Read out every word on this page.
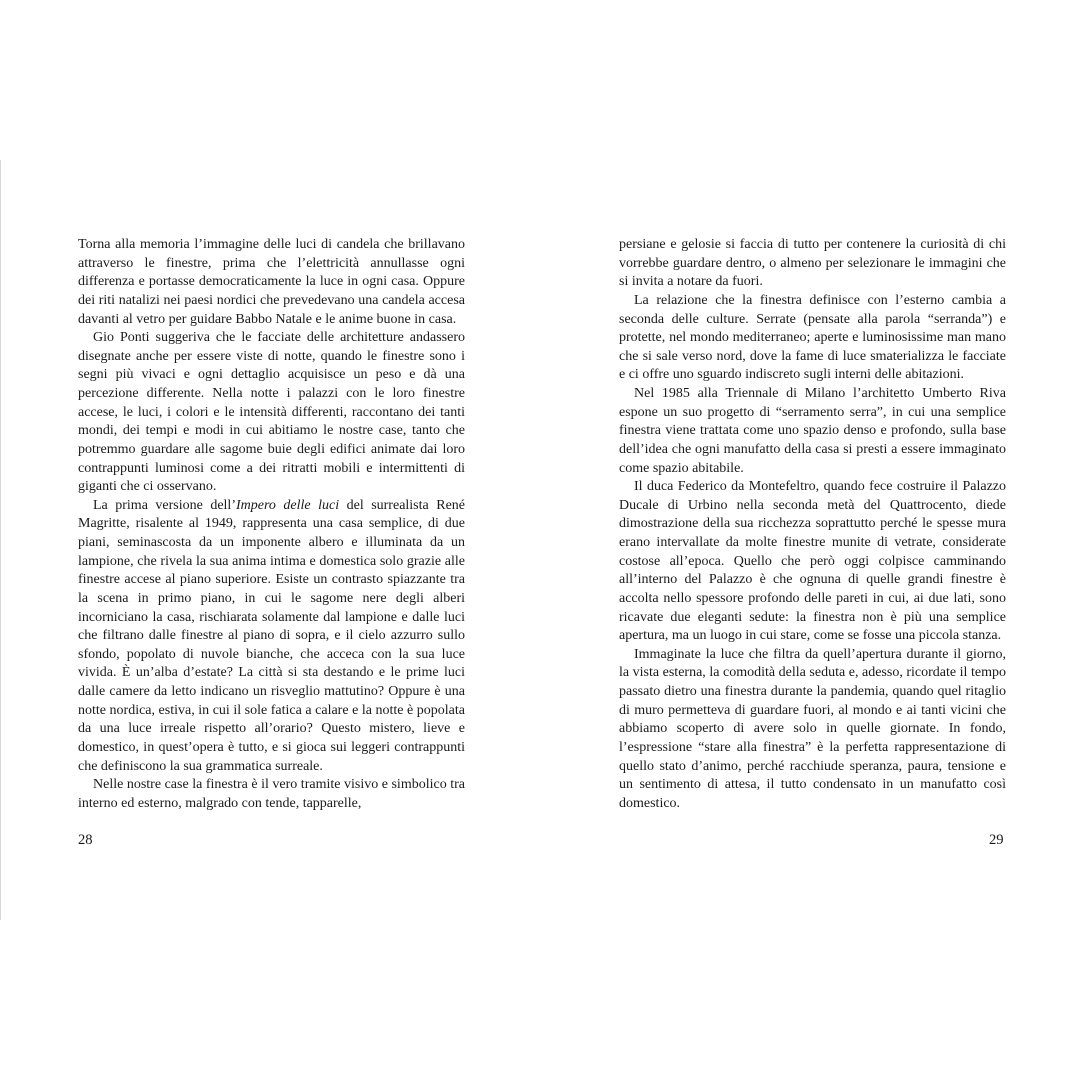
Torna alla memoria l’immagine delle luci di candela che brillavano attraverso le finestre, prima che l’elettricità annullasse ogni differenza e portasse democraticamente la luce in ogni casa. Oppure dei riti natalizi nei paesi nordici che prevedevano una candela accesa davanti al vetro per guidare Babbo Natale e le anime buone in casa.

Gio Ponti suggeriva che le facciate delle architetture andassero disegnate anche per essere viste di notte, quando le finestre sono i segni più vivaci e ogni dettaglio acquisisce un peso e dà una percezione differente. Nella notte i palazzi con le loro finestre accese, le luci, i colori e le intensità differenti, raccontano dei tanti mondi, dei tempi e modi in cui abitiamo le nostre case, tanto che potremmo guardare alle sagome buie degli edifici animate dai loro contrappunti luminosi come a dei ritratti mobili e intermittenti di giganti che ci osservano.

La prima versione dell’Impero delle luci del surrealista René Magritte, risalente al 1949, rappresenta una casa semplice, di due piani, seminascosta da un imponente albero e illuminata da un lampione, che rivela la sua anima intima e domestica solo grazie alle finestre accese al piano superiore. Esiste un contrasto spiazzante tra la scena in primo piano, in cui le sagome nere degli alberi incorniciano la casa, rischiarata solamente dal lampione e dalle luci che filtrano dalle finestre al piano di sopra, e il cielo azzurro sullo sfondo, popolato di nuvole bianche, che acceca con la sua luce vivida. È un’alba d’estate? La città si sta destando e le prime luci dalle camere da letto indicano un risveglio mattutino? Oppure è una notte nordica, estiva, in cui il sole fatica a calare e la notte è popolata da una luce irreale rispetto all’orario? Questo mistero, lieve e domestico, in quest’opera è tutto, e si gioca sui leggeri contrappunti che definiscono la sua grammatica surreale.

Nelle nostre case la finestra è il vero tramite visivo e simbolico tra interno ed esterno, malgrado con tende, tapparelle,

28

persiane e gelosie si faccia di tutto per contenere la curiosità di chi vorrebbe guardare dentro, o almeno per selezionare le immagini che si invita a notare da fuori.

La relazione che la finestra definisce con l’esterno cambia a seconda delle culture. Serrate (pensate alla parola “serranda”) e protette, nel mondo mediterraneo; aperte e luminosissime man mano che si sale verso nord, dove la fame di luce smaterializza le facciate e ci offre uno sguardo indiscreto sugli interni delle abitazioni.

Nel 1985 alla Triennale di Milano l’architetto Umberto Riva espone un suo progetto di “serramento serra”, in cui una semplice finestra viene trattata come uno spazio denso e profondo, sulla base dell’idea che ogni manufatto della casa si presti a essere immaginato come spazio abitabile.

Il duca Federico da Montefeltro, quando fece costruire il Palazzo Ducale di Urbino nella seconda metà del Quattrocento, diede dimostrazione della sua ricchezza soprattutto perché le spesse mura erano intervallate da molte finestre munite di vetrate, considerate costose all’epoca. Quello che però oggi colpisce camminando all’interno del Palazzo è che ognuna di quelle grandi finestre è accolta nello spessore profondo delle pareti in cui, ai due lati, sono ricavate due eleganti sedute: la finestra non è più una semplice apertura, ma un luogo in cui stare, come se fosse una piccola stanza.

Immaginate la luce che filtra da quell’apertura durante il giorno, la vista esterna, la comodità della seduta e, adesso, ricordate il tempo passato dietro una finestra durante la pandemia, quando quel ritaglio di muro permetteva di guardare fuori, al mondo e ai tanti vicini che abbiamo scoperto di avere solo in quelle giornate. In fondo, l’espressione “stare alla finestra” è la perfetta rappresentazione di quello stato d’animo, perché racchiude speranza, paura, tensione e un sentimento di attesa, il tutto condensato in un manufatto così domestico.

29
